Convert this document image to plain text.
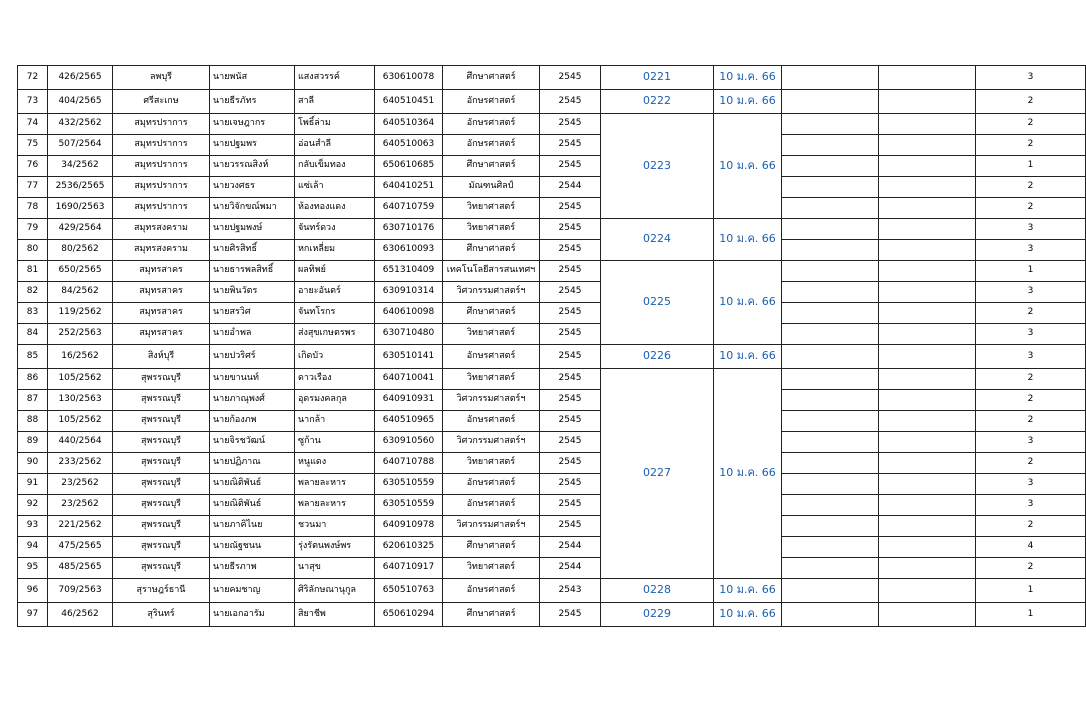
72	426/2565	ลพบุรี	นายพนัส	แสงสวรรค์	630610078	ศึกษาศาสตร์	2545	0221	10 ม.ค. 66			3
73	404/2565	ศรีสะเกษ	นายธีรภัทร	สาลี	640510451	อักษรศาสตร์	2545	0222	10 ม.ค. 66			2
74	432/2562	สมุทรปราการ	นายเจษฎากร	โพธิ์ล่าม	640510364	อักษรศาสตร์	2545	0223	10 ม.ค. 66			2
75	507/2564	สมุทรปราการ	นายปฐมพร	อ่อนสำลี	640510063	อักษรศาสตร์	2545					2
76	34/2562	สมุทรปราการ	นายวรรณสิงห์	กลับเข็มทอง	650610685	ศึกษาศาสตร์	2545					1
77	2536/2565	สมุทรปราการ	นายวงศธร	แซ่เล้า	640410251	มัณฑนศิลป์	2544					2
78	1690/2563	สมุทรปราการ	นายวิจักขณ์พมา	ห้องทองแดง	640710759	วิทยาศาสตร์	2545					2
79	429/2564	สมุทรสงคราม	นายปฐมพงษ์	จันทร์ดวง	630710176	วิทยาศาสตร์	2545	0224	10 ม.ค. 66			3
80	80/2562	สมุทรสงคราม	นายศิรสิทธิ์	หกเหลี่ยม	630610093	ศึกษาศาสตร์	2545					3
81	650/2565	สมุทรสาคร	นายธารพลสิทธิ์	ผลทิพย์	651310409	เทคโนโลยีสารสนเทศฯ	2545	0225	10 ม.ค. 66			1
82	84/2562	สมุทรสาคร	นายพินวัตร	อายะอันตร์	630910314	วิศวกรรมศาสตร์ฯ	2545					3
83	119/2562	สมุทรสาคร	นายสรวิศ	จันทโรกร	640610098	ศึกษาศาสตร์	2545					2
84	252/2563	สมุทรสาคร	นายอำพล	ส่งสุขเกษตรพร	630710480	วิทยาศาสตร์	2545					3
85	16/2562	สิงห์บุรี	นายปวริศร์	เกิดบัว	630510141	อักษรศาสตร์	2545	0226	10 ม.ค. 66			3
86	105/2562	สุพรรณบุรี	นายขานนท์	ดาวเรือง	640710041	วิทยาศาสตร์	2545	0227	10 ม.ค. 66			2
87	130/2563	สุพรรณบุรี	นายภาณุพงศ์	อุดรมงคลกุล	640910931	วิศวกรรมศาสตร์ฯ	2545					2
88	105/2562	สุพรรณบุรี	นายก้องภพ	นากล้า	640510965	อักษรศาสตร์	2545					2
89	440/2564	สุพรรณบุรี	นายจิรชวัฒน์	ซูก้าน	630910560	วิศวกรรมศาสตร์ฯ	2545					3
90	233/2562	สุพรรณบุรี	นายปฏิภาณ	หนูแดง	640710788	วิทยาศาสตร์	2545					2
91	23/2562	สุพรรณบุรี	นายณิติพันธ์	พลายละหาร	630510559	อักษรศาสตร์	2545					3
92	23/2562	สุพรรณบุรี	นายณิติพันธ์	พลายละหาร	630510559	อักษรศาสตร์	2545					3
93	221/2562	สุพรรณบุรี	นายภาคิไนย	ชวนมา	640910978	วิศวกรรมศาสตร์ฯ	2545					2
94	475/2565	สุพรรณบุรี	นายณัฐชนน	รุ่งรัตนพงษ์พร	620610325	ศึกษาศาสตร์	2544					4
95	485/2565	สุพรรณบุรี	นายธีรภาพ	นาสุข	640710917	วิทยาศาสตร์	2544					2
96	709/2563	สุราษฎร์ธานี	นายคมชาญ	ศิริลักษณานุกูล	650510763	อักษรศาสตร์	2543	0228	10 ม.ค. 66			1
97	46/2562	สุรินทร์	นายเอกอารัม	สิยาชีพ	650610294	ศึกษาศาสตร์	2545	0229	10 ม.ค. 66			1
